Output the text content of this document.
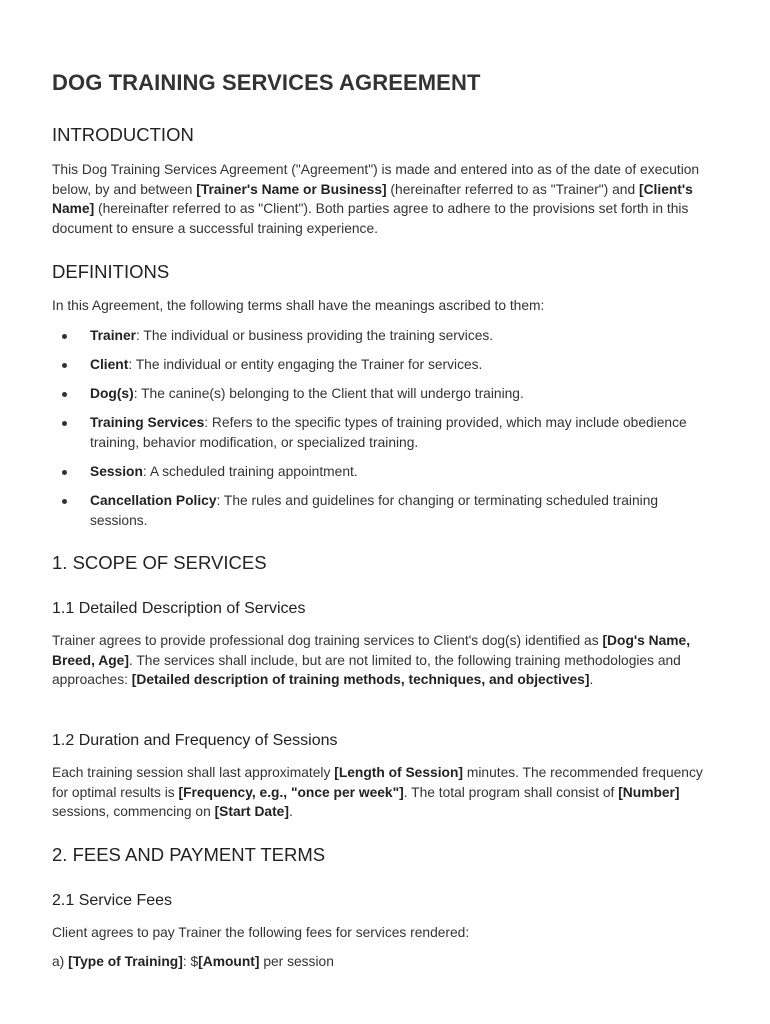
DOG TRAINING SERVICES AGREEMENT
INTRODUCTION

This Dog Training Services Agreement ("Agreement") is made and entered into as of the date of execution below, by and between [Trainer's Name or Business] (hereinafter referred to as "Trainer") and [Client's Name] (hereinafter referred to as "Client"). Both parties agree to adhere to the provisions set forth in this document to ensure a successful training experience.

DEFINITIONS

In this Agreement, the following terms shall have the meanings ascribed to them:

Trainer: The individual or business providing the training services.
Client: The individual or entity engaging the Trainer for services.
Dog(s): The canine(s) belonging to the Client that will undergo training.
Training Services: Refers to the specific types of training provided, which may include obedience training, behavior modification, or specialized training.
Session: A scheduled training appointment.
Cancellation Policy: The rules and guidelines for changing or terminating scheduled training sessions.
1. SCOPE OF SERVICES
1.1 Detailed Description of Services

Trainer agrees to provide professional dog training services to Client's dog(s) identified as [Dog's Name, Breed, Age]. The services shall include, but are not limited to, the following training methodologies and approaches: [Detailed description of training methods, techniques, and objectives].

1.2 Duration and Frequency of Sessions

Each training session shall last approximately [Length of Session] minutes. The recommended frequency for optimal results is [Frequency, e.g., "once per week"]. The total program shall consist of [Number] sessions, commencing on [Start Date].

2. FEES AND PAYMENT TERMS
2.1 Service Fees

Client agrees to pay Trainer the following fees for services rendered:

a) [Type of Training]: $[Amount] per session
